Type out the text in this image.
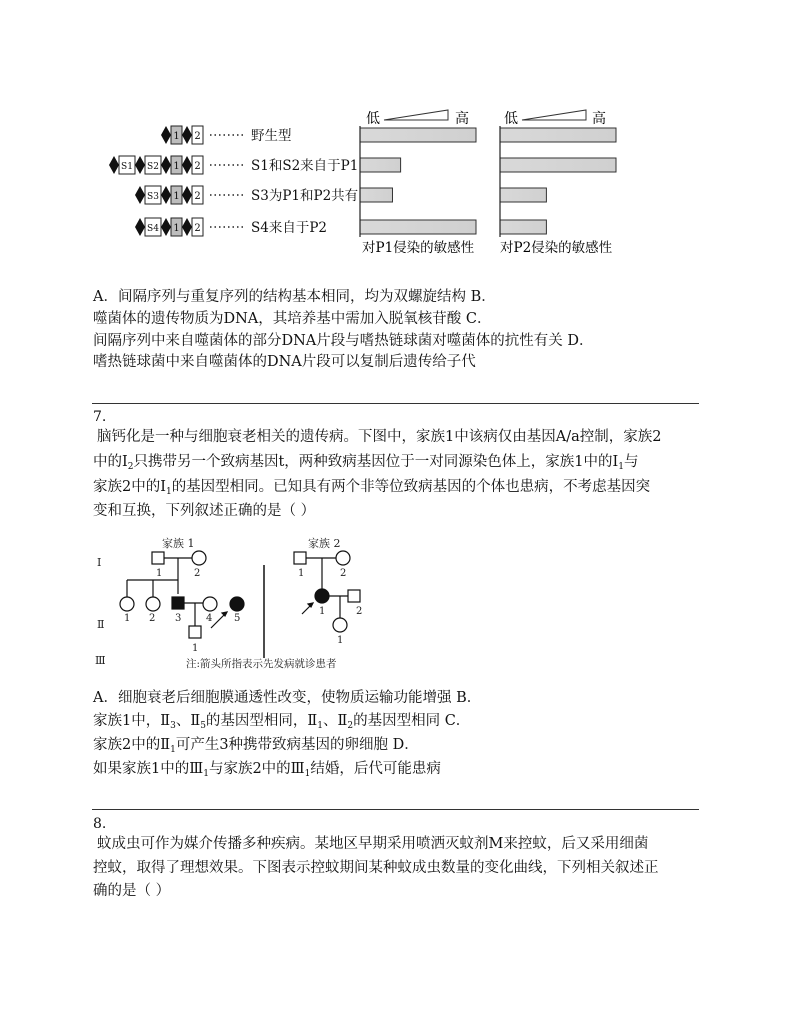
2
1	野生型
2
1
S2
S1	S1和S2来自于P1
2
1
S3	S3为P1和P2共有
2
1
S4	S4来自于P2
低	高	低	高
对P1侵染的敏感性 对P2侵染的敏感性
A．间隔序列与重复序列的结构基本相同，均为双螺旋结构 B．
噬菌体的遗传物质为DNA，其培养基中需加入脱氧核苷酸 C．
间隔序列中来自噬菌体的部分DNA片段与嗜热链球菌对噬菌体的抗性有关 D．
嗜热链球菌中来自噬菌体的DNA片段可以复制后遗传给子代
7.
脑钙化是一种与细胞衰老相关的遗传病。下图中，家族1中该病仅由基因A/a控制，家族2
中的$Ⅰ_2$只携带另一个致病基因t，两种致病基因位于一对同源染色体上，家族1中的$Ⅰ_1$与
家族2中的$Ⅰ_1$的基因型相同。已知具有两个非等位致病基因的个体也患病，不考虑基因突
变和互换，下列叙述正确的是（ ）
Ⅰ
Ⅱ
Ⅲ
家族 1	家族 2
注:箭头所指表示先发病就诊患者
1	2
1 2 3 4 5
1
1	2
1	2
1
A．细胞衰老后细胞膜通透性改变，使物质运输功能增强 B．
家族1中，$Ⅱ_3$、$Ⅱ_5$的基因型相同，$Ⅱ_1$、$Ⅱ_2$的基因型相同 C．
家族2中的$Ⅱ_1$可产生3种携带致病基因的卵细胞 D．
如果家族1中的$Ⅲ_1$与家族2中的$Ⅲ_1$结婚，后代可能患病
8.
蚊成虫可作为媒介传播多种疾病。某地区早期采用喷洒灭蚊剂M来控蚊，后又采用细菌
控蚊，取得了理想效果。下图表示控蚊期间某种蚊成虫数量的变化曲线，下列相关叙述正
确的是（ ）
